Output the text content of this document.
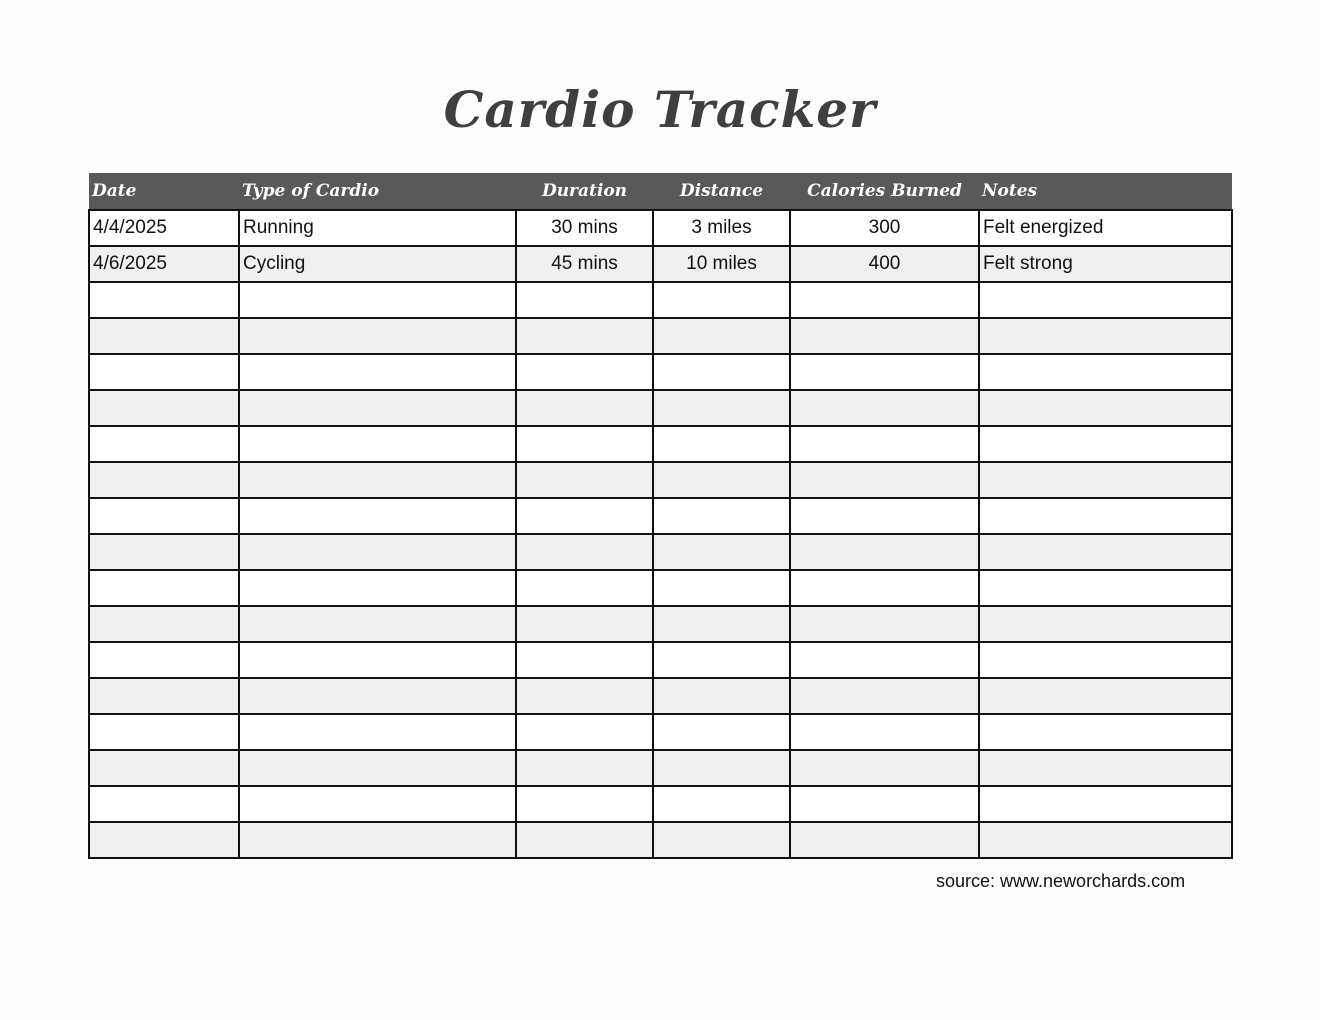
Cardio Tracker
Date	Type of Cardio	Duration	Distance	Calories Burned	Notes
4/4/2025	Running	30 mins	3 miles	300	Felt energized
4/6/2025	Cycling	45 mins	10 miles	400	Felt strong

source: www.neworchards.com
